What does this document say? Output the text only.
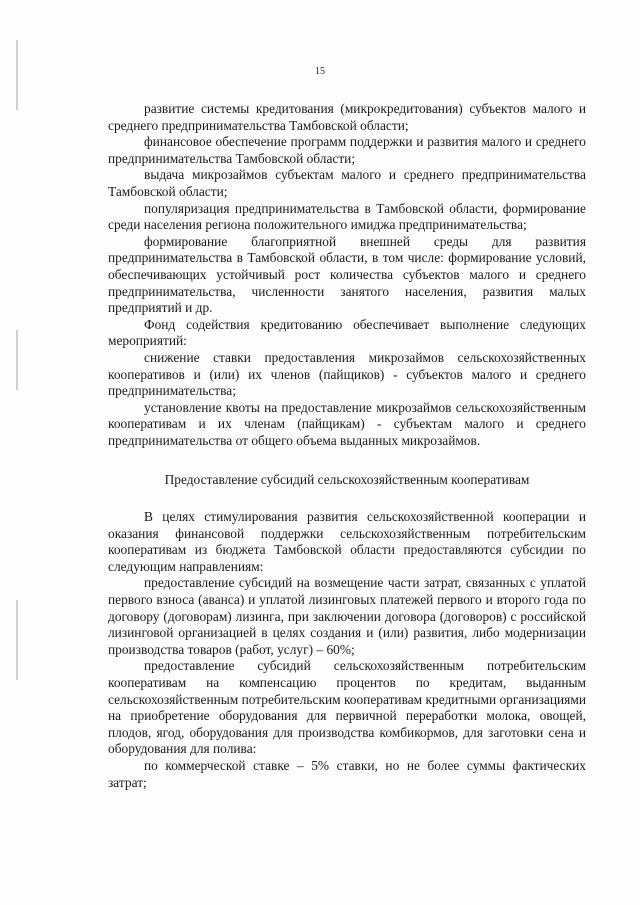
15

развитие системы кредитования (микрокредитования) субъектов малого и среднего предпринимательства Тамбовской области;

финансовое обеспечение программ поддержки и развития малого и среднего предпринимательства Тамбовской области;

выдача микрозаймов субъектам малого и среднего предпринимательства Тамбовской области;

популяризация предпринимательства в Тамбовской области, формирование среди населения региона положительного имиджа предпринимательства;

формирование благоприятной внешней среды для развития предпринимательства в Тамбовской области, в том числе: формирование условий, обеспечивающих устойчивый рост количества субъектов малого и среднего предпринимательства, численности занятого населения, развития малых предприятий и др.

Фонд содействия кредитованию обеспечивает выполнение следующих мероприятий:

снижение ставки предоставления микрозаймов сельскохозяйственных кооперативов и (или) их членов (пайщиков) - субъектов малого и среднего предпринимательства;

установление квоты на предоставление микрозаймов сельскохозяйственным кооперативам и их членам (пайщикам) - субъектам малого и среднего предпринимательства от общего объема выданных микрозаймов.

Предоставление субсидий сельскохозяйственным кооперативам

В целях стимулирования развития сельскохозяйственной кооперации и оказания финансовой поддержки сельскохозяйственным потребительским кооперативам из бюджета Тамбовской области предоставляются субсидии по следующим направлениям:

предоставление субсидий на возмещение части затрат, связанных с уплатой первого взноса (аванса) и уплатой лизинговых платежей первого и второго года по договору (договорам) лизинга, при заключении договора (договоров) с российской лизинговой организацией в целях создания и (или) развития, либо модернизации производства товаров (работ, услуг) – 60%;

предоставление субсидий сельскохозяйственным потребительским кооперативам на компенсацию процентов по кредитам, выданным сельскохозяйственным потребительским кооперативам кредитными организациями на приобретение оборудования для первичной переработки молока, овощей, плодов, ягод, оборудования для производства комбикормов, для заготовки сена и оборудования для полива:

по коммерческой ставке – 5% ставки, но не более суммы фактических затрат;
